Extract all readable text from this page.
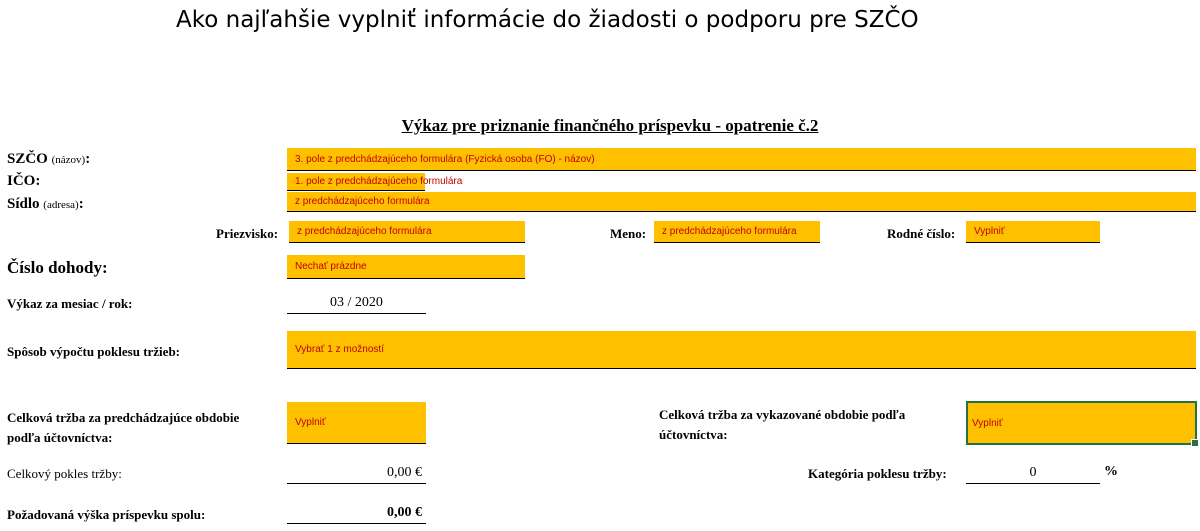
Ako najľahšie vyplniť informácie do žiadosti o podporu pre SZČO
Výkaz pre priznanie finančného príspevku - opatrenie č.2
SZČO (názov):	3. pole z predchádzajúceho formulára (Fyzická osoba (FO) - názov)
IČO:	1. pole z predchádzajúceho formulára
Sídlo (adresa):	z predchádzajúceho formulára
Priezvisko:	z predchádzajúceho formulára	Meno:	z predchádzajúceho formulára	Rodné číslo:	Vyplniť
Číslo dohody:	Nechať prázdne
Výkaz za mesiac / rok:	03 / 2020
Spôsob výpočtu poklesu tržieb:	Vybrať 1 z možností
Celková tržba za predchádzajúce obdobie
podľa účtovníctva:
Vyplniť
Celková tržba za vykazované obdobie podľa
účtovníctva:
Vyplniť
Celkový pokles tržby:	0,00 €	Kategória poklesu tržby:	0	%
Požadovaná výška príspevku spolu:	0,00 €
